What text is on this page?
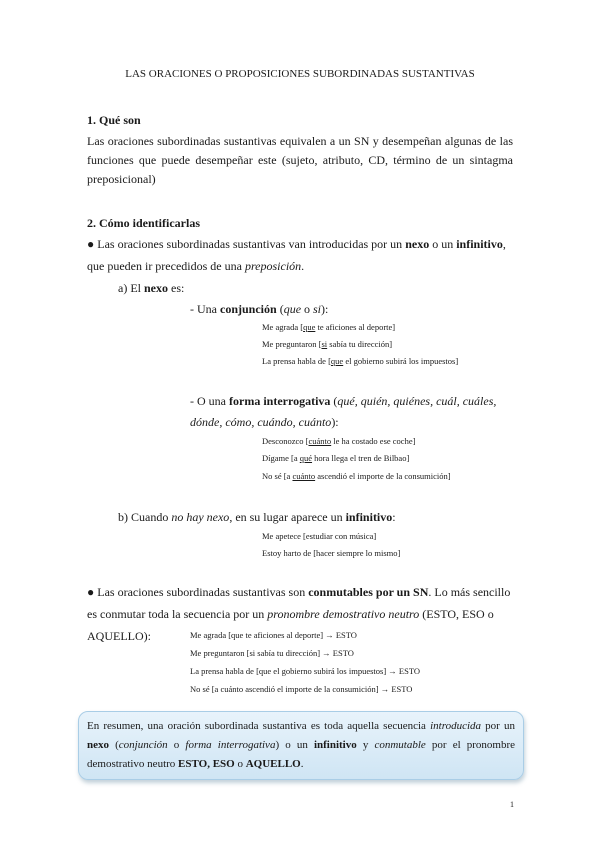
LAS ORACIONES O PROPOSICIONES SUBORDINADAS SUSTANTIVAS
1. Qué son
Las oraciones subordinadas sustantivas equivalen a un SN y desempeñan algunas de las funciones que puede desempeñar este (sujeto, atributo, CD, término de un sintagma preposicional)
2. Cómo identificarlas
● Las oraciones subordinadas sustantivas van introducidas por un nexo o un infinitivo,
que pueden ir precedidos de una preposición.
a) El nexo es:
- Una conjunción (que o si):
Me agrada [que te aficiones al deporte]
Me preguntaron [si sabía tu dirección]
La prensa habla de [que el gobierno subirá los impuestos]
- O una forma interrogativa (qué, quién, quiénes, cuál, cuáles,
dónde, cómo, cuándo, cuánto):
Desconozco [cuánto le ha costado ese coche]
Dígame [a qué hora llega el tren de Bilbao]
No sé [a cuánto ascendió el importe de la consumición]
b) Cuando no hay nexo, en su lugar aparece un infinitivo:
Me apetece [estudiar con música]
Estoy harto de [hacer siempre lo mismo]
● Las oraciones subordinadas sustantivas son conmutables por un SN. Lo más sencillo
es conmutar toda la secuencia por un pronombre demostrativo neutro (ESTO, ESO o
AQUELLO):	Me agrada [que te aficiones al deporte] → ESTO
Me preguntaron [si sabía tu dirección] → ESTO
La prensa habla de [que el gobierno subirá los impuestos] → ESTO
No sé [a cuánto ascendió el importe de la consumición] → ESTO
En resumen, una oración subordinada sustantiva es toda aquella secuencia introducida por un nexo (conjunción o forma interrogativa) o un infinitivo y conmutable por el pronombre demostrativo neutro ESTO, ESO o AQUELLO.
1
